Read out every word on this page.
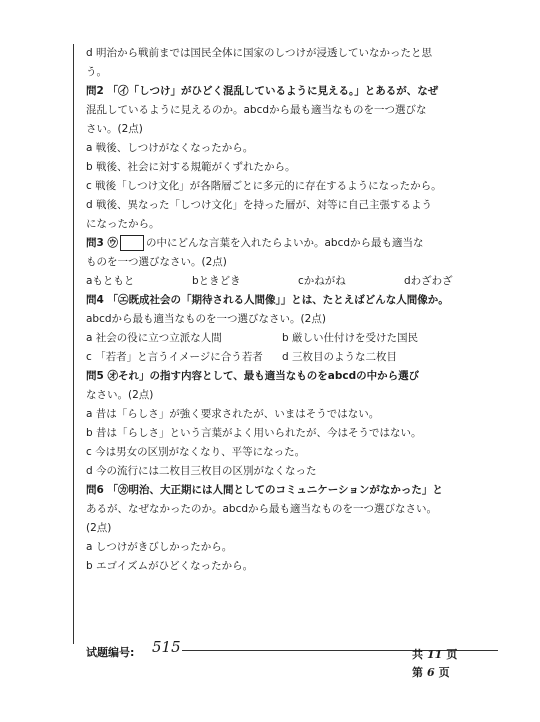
d 明治から戦前までは国民全体に国家のしつけが浸透していなかったと思
う。
問2 「㋑「しつけ」がひどく混乱しているように見える。」とあるが、なぜ
混乱しているように見えるのか。abcdから最も適当なものを一つ選びな
さい。(2点)
a 戦後、しつけがなくなったから。
b 戦後、社会に対する規範がくずれたから。
c 戦後「しつけ文化」が各階層ごとに多元的に存在するようになったから。
d 戦後、異なった「しつけ文化」を持った層が、対等に自己主張するよう
になったから。
問3 ㋒	の中にどんな言葉を入れたらよいか。abcdから最も適当な
ものを一つ選びなさい。(2点)
aもともと	bときどき	cかねがね	dわざわざ
問4 「㋓既成社会の「期待される人間像」」とは、たとえばどんな人間像か。
abcdから最も適当なものを一つ選びなさい。(2点)
a 社会の役に立つ立派な人間	b 厳しい仕付けを受けた国民
c 「若者」と言うイメージに合う若者	d 三枚目のような二枚目
問5 ㋔それ」の指す内容として、最も適当なものをabcdの中から選び
なさい。(2点)
a 昔は「らしさ」が強く要求されたが、いまはそうではない。
b 昔は「らしさ」という言葉がよく用いられたが、今はそうではない。
c 今は男女の区別がなくなり、平等になった。
d 今の流行には二枚目三枚目の区別がなくなった
問6 「㋕明治、大正期には人間としてのコミュニケーションがなかった」と
あるが、なぜなかったのか。abcdから最も適当なものを一つ選びなさい。
(2点)
a しつけがきびしかったから。
b エゴイズムがひどくなったから。
试题编号: 515	共 11 页
第 6 页
